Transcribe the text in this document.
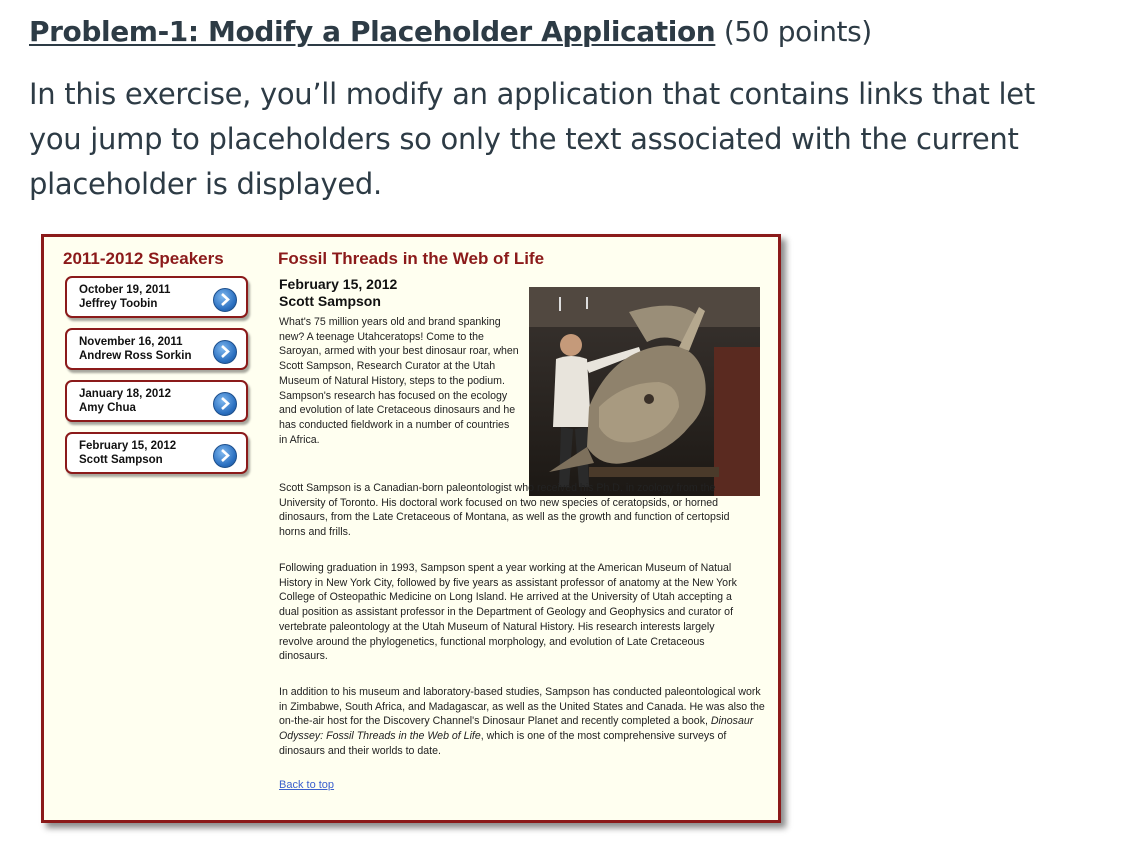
Problem-1: Modify a Placeholder Application (50 points)
In this exercise, you’ll modify an application that contains links that let you jump to placeholders so only the text associated with the current placeholder is displayed.
2011-2012 Speakers
October 19, 2011
Jeffrey Toobin
November 16, 2011
Andrew Ross Sorkin
January 18, 2012
Amy Chua
February 15, 2012
Scott Sampson
Fossil Threads in the Web of Life
February 15, 2012
Scott Sampson
What's 75 million years old and brand spanking new? A teenage Utahceratops! Come to the Saroyan, armed with your best dinosaur roar, when Scott Sampson, Research Curator at the Utah Museum of Natural History, steps to the podium. Sampson's research has focused on the ecology and evolution of late Cretaceous dinosaurs and he has conducted fieldwork in a number of countries in Africa.
Scott Sampson is a Canadian-born paleontologist who received his Ph.D. in zoology from the University of Toronto. His doctoral work focused on two new species of ceratopsids, or horned dinosaurs, from the Late Cretaceous of Montana, as well as the growth and function of certopsid horns and frills.
Following graduation in 1993, Sampson spent a year working at the American Museum of Natual History in New York City, followed by five years as assistant professor of anatomy at the New York College of Osteopathic Medicine on Long Island. He arrived at the University of Utah accepting a dual position as assistant professor in the Department of Geology and Geophysics and curator of vertebrate paleontology at the Utah Museum of Natural History. His research interests largely revolve around the phylogenetics, functional morphology, and evolution of Late Cretaceous dinosaurs.
In addition to his museum and laboratory-based studies, Sampson has conducted paleontological work in Zimbabwe, South Africa, and Madagascar, as well as the United States and Canada. He was also the on-the-air host for the Discovery Channel's Dinosaur Planet and recently completed a book, Dinosaur Odyssey: Fossil Threads in the Web of Life, which is one of the most comprehensive surveys of dinosaurs and their worlds to date.
Back to top
